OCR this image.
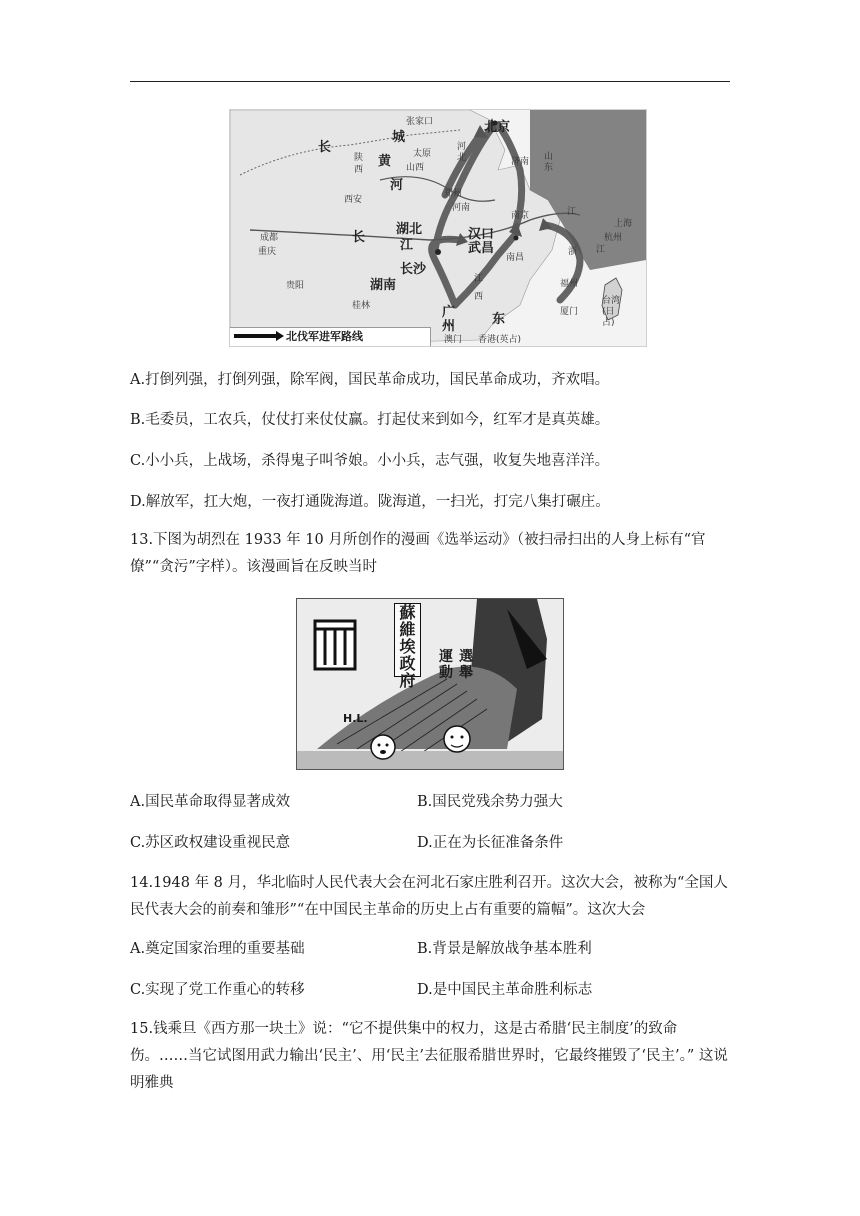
张家口	北京
城
长	太原
山西
河北
陕西
黄
河
西安
郑州
河南
济南 山东
南京	江
上海
杭州
浙 江
湖北
江
长	汉口武昌
成都
重庆
长沙
南昌
江西
湖南	福州
贵阳
桂林	广州	东	厦门
台湾(日占)
澳门 香港(英占)
北伐军进军路线
A.打倒列强，打倒列强，除军阀，国民革命成功，国民革命成功，齐欢唱。
B.毛委员，工农兵，仗仗打来仗仗赢。打起仗来到如今，红军才是真英雄。
C.小小兵，上战场，杀得鬼子叫爷娘。小小兵，志气强，收复失地喜洋洋。
D.解放军，扛大炮，一夜打通陇海道。陇海道，一扫光，打完八集打碾庄。
13.下图为胡烈在 1933 年 10 月所创作的漫画《选举运动》（被扫帚扫出的人身上标有“官僚”“贪污”字样）。该漫画旨在反映当时
蘇維埃政府
運動選舉
H.L.
A.国民革命取得显著成效	B.国民党残余势力强大
C.苏区政权建设重视民意	D.正在为长征准备条件
14.1948 年 8 月，华北临时人民代表大会在河北石家庄胜利召开。这次大会，被称为“全国人民代表大会的前奏和雏形”“在中国民主革命的历史上占有重要的篇幅”。这次大会
A.奠定国家治理的重要基础	B.背景是解放战争基本胜利
C.实现了党工作重心的转移	D.是中国民主革命胜利标志
15.钱乘旦《西方那一块土》说：“它不提供集中的权力，这是古希腊‘民主制度’的致命伤。……当它试图用武力输出‘民主’、用‘民主’去征服希腊世界时，它最终摧毁了‘民主’。” 这说明雅典
